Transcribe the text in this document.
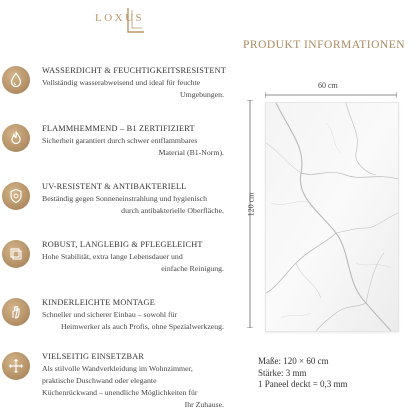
LOXUS
PRODUKT INFORMATIONEN
WASSERDICHT & FEUCHTIGKEITSRESISTENT
Vollständig wasserabweisend und ideal für feuchte
Umgebungen.
FLAMMHEMMEND – B1 ZERTIFIZIERT
Sicherheit garantiert durch schwer entflammbares
Material (B1-Norm).
UV-RESISTENT & ANTIBAKTERIELL
Beständig gegen Sonneneinstrahlung und hygienisch
durch antibakterielle Oberfläche.
ROBUST, LANGLEBIG & PFLEGELEICHT
Hohe Stabilität, extra lange Lebensdauer und
einfache Reinigung.
KINDERLEICHTE MONTAGE
Schneller und sicherer Einbau – sowohl für
Heimwerker als auch Profis, ohne Spezialwerkzeug.
VIELSEITIG EINSETZBAR
Als stilvolle Wandverkleidung im Wohnzimmer,
praktische Duschwand oder elegante
Küchenrückwand – unendliche Möglichkeiten für
Ihr Zuhause.
60 cm
120 cm
Maße: 120 × 60 cm
Stärke: 3 mm
1 Paneel deckt = 0,3 mm
